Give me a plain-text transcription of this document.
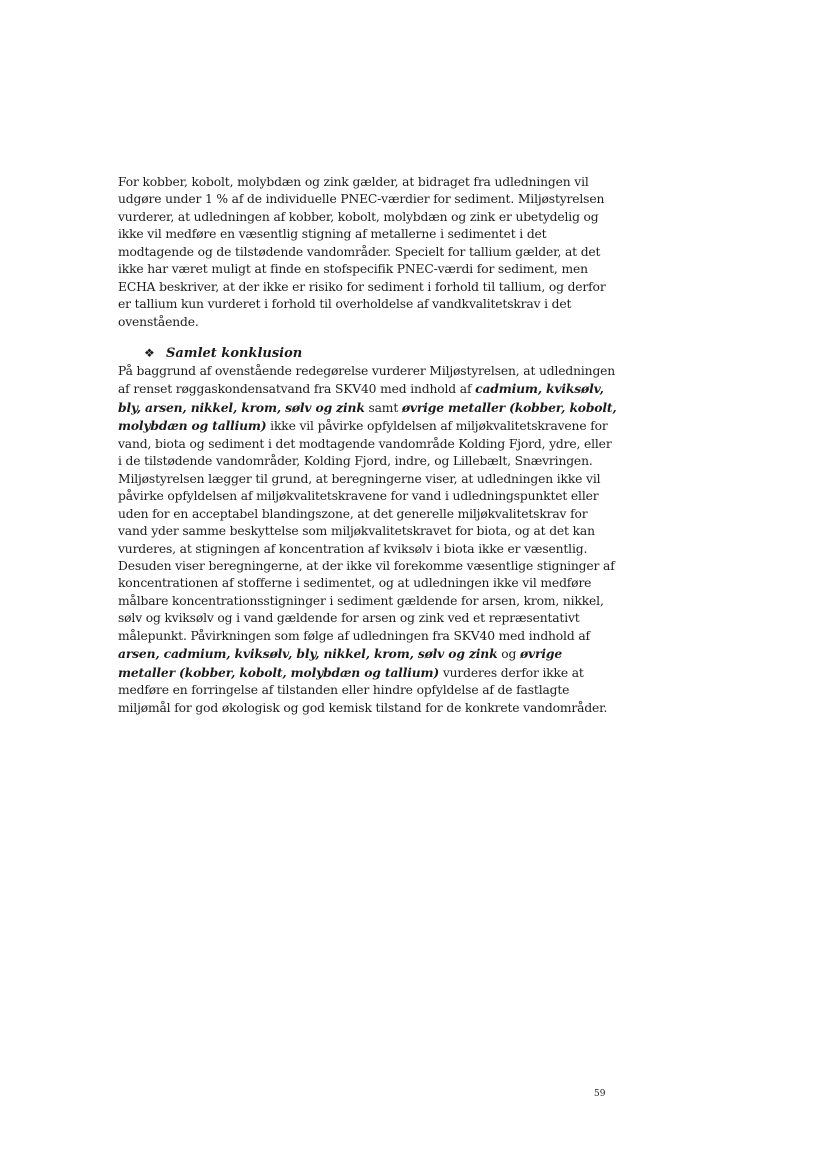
For kobber, kobolt, molybdæn og zink gælder, at bidraget fra udledningen vil udgøre under 1 % af de individuelle PNEC-værdier for sediment. Miljøstyrelsen vurderer, at udledningen af kobber, kobolt, molybdæn og zink er ubetydelig og ikke vil medføre en væsentlig stigning af metallerne i sedimentet i det modtagende og de tilstødende vandområder. Specielt for tallium gælder, at det ikke har været muligt at finde en stofspecifik PNEC-værdi for sediment, men ECHA beskriver, at der ikke er risiko for sediment i forhold til tallium, og derfor er tallium kun vurderet i forhold til overholdelse af vandkvalitetskrav i det ovenstående.

❖ Samlet konklusion

På baggrund af ovenstående redegørelse vurderer Miljøstyrelsen, at udledningen af renset røggaskondensatvand fra SKV40 med indhold af cadmium, kviksølv, bly, arsen, nikkel, krom, sølv og zink samt øvrige metaller (kobber, kobolt, molybdæn og tallium) ikke vil påvirke opfyldelsen af miljøkvalitetskravene for vand, biota og sediment i det modtagende vandområde Kolding Fjord, ydre, eller i de tilstødende vandområder, Kolding Fjord, indre, og Lillebælt, Snævringen. Miljøstyrelsen lægger til grund, at beregningerne viser, at udledningen ikke vil påvirke opfyldelsen af miljøkvalitetskravene for vand i udledningspunktet eller uden for en acceptabel blandingszone, at det generelle miljøkvalitetskrav for vand yder samme beskyttelse som miljøkvalitetskravet for biota, og at det kan vurderes, at stigningen af koncentration af kviksølv i biota ikke er væsentlig. Desuden viser beregningerne, at der ikke vil forekomme væsentlige stigninger af koncentrationen af stofferne i sedimentet, og at udledningen ikke vil medføre målbare koncentrationsstigninger i sediment gældende for arsen, krom, nikkel, sølv og kviksølv og i vand gældende for arsen og zink ved et repræsentativt målepunkt. Påvirkningen som følge af udledningen fra SKV40 med indhold af arsen, cadmium, kviksølv, bly, nikkel, krom, sølv og zink og øvrige metaller (kobber, kobolt, molybdæn og tallium) vurderes derfor ikke at medføre en forringelse af tilstanden eller hindre opfyldelse af de fastlagte miljømål for god økologisk og god kemisk tilstand for de konkrete vandområder.

59
